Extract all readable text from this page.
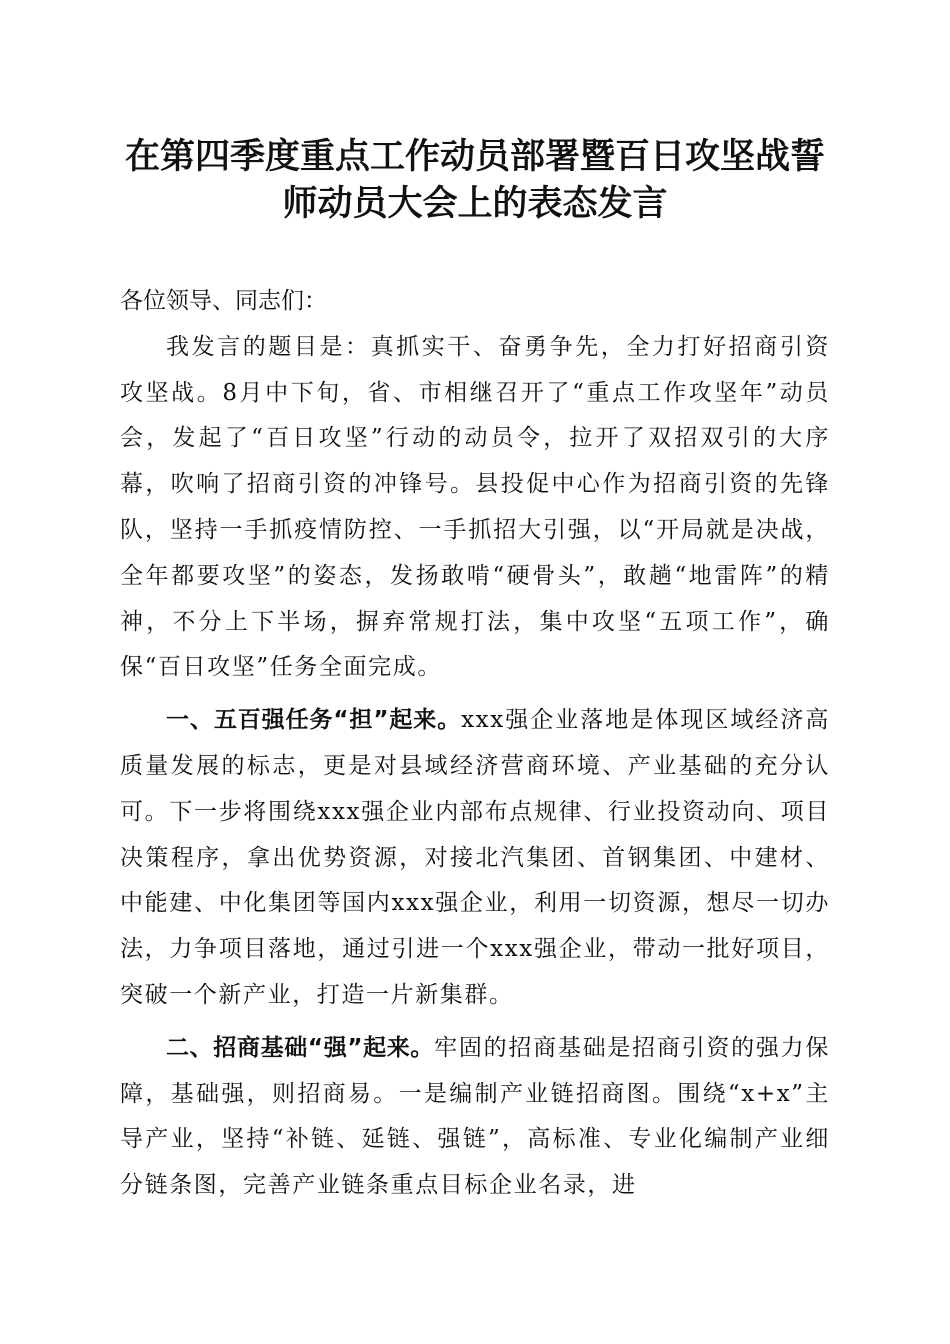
在第四季度重点工作动员部署暨百日攻坚战誓
师动员大会上的表态发言

各位领导、同志们：

我发言的题目是：真抓实干、奋勇争先，全力打好招商引资攻坚战。8月中下旬，省、市相继召开了“重点工作攻坚年”动员会，发起了“百日攻坚”行动的动员令，拉开了双招双引的大序幕，吹响了招商引资的冲锋号。县投促中心作为招商引资的先锋队，坚持一手抓疫情防控、一手抓招大引强，以“开局就是决战，全年都要攻坚”的姿态，发扬敢啃“硬骨头”，敢趟“地雷阵”的精神，不分上下半场，摒弃常规打法，集中攻坚“五项工作”，确保“百日攻坚”任务全面完成。

一、五百强任务“担”起来。xxx强企业落地是体现区域经济高质量发展的标志，更是对县域经济营商环境、产业基础的充分认可。下一步将围绕xxx强企业内部布点规律、行业投资动向、项目决策程序，拿出优势资源，对接北汽集团、首钢集团、中建材、中能建、中化集团等国内xxx强企业，利用一切资源，想尽一切办法，力争项目落地，通过引进一个xxx强企业，带动一批好项目，突破一个新产业，打造一片新集群。

二、招商基础“强”起来。牢固的招商基础是招商引资的强力保障，基础强，则招商易。一是编制产业链招商图。围绕“x+x”主导产业，坚持“补链、延链、强链”，高标准、专业化编制产业细分链条图，完善产业链条重点目标企业名录，进
